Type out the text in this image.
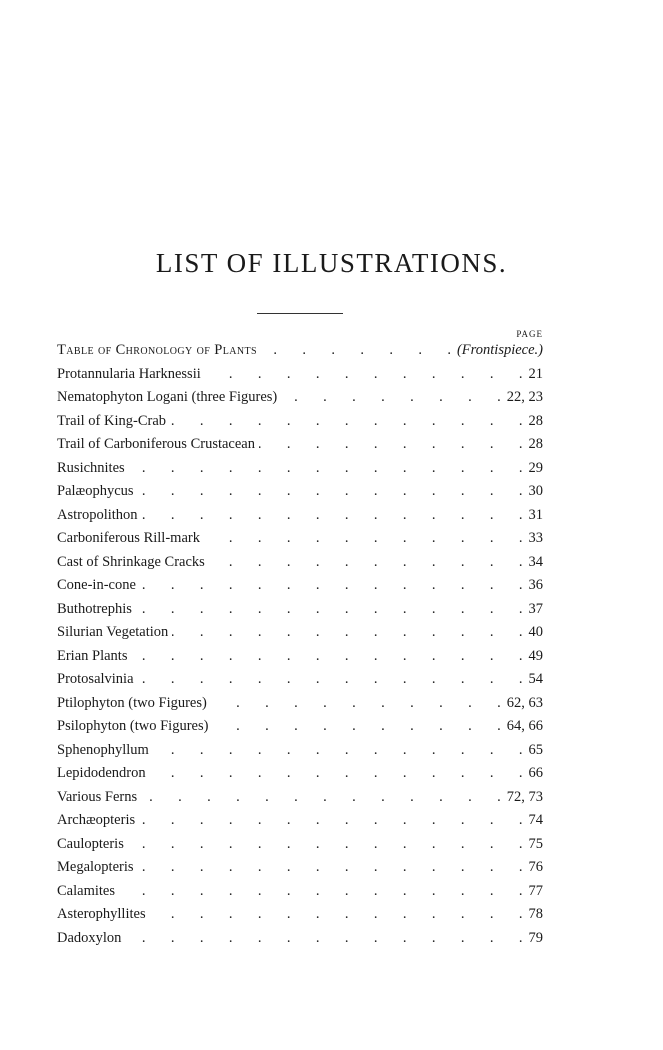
LIST OF ILLUSTRATIONS.
PAGE
Table of Chronology of Plants .	(Frontispiece.)
Protannularia Harknessii .	21
Nematophyton Logani (three Figures) .	22, 23
Trail of King-Crab .	28
Trail of Carboniferous Crustacean .	28
Rusichnites .	29
Palæophycus .	30
Astropolithon .	31
Carboniferous Rill-mark .	33
Cast of Shrinkage Cracks .	34
Cone-in-cone .	36
Buthotrephis .	37
Silurian Vegetation .	40
Erian Plants .	49
Protosalvinia .	54
Ptilophyton (two Figures) .	62, 63
Psilophyton (two Figures) .	64, 66
Sphenophyllum .	65
Lepidodendron .	66
Various Ferns .	72, 73
Archæopteris .	74
Caulopteris .	75
Megalopteris .	76
Calamites .	77
Asterophyllites .	78
Dadoxylon .	79
